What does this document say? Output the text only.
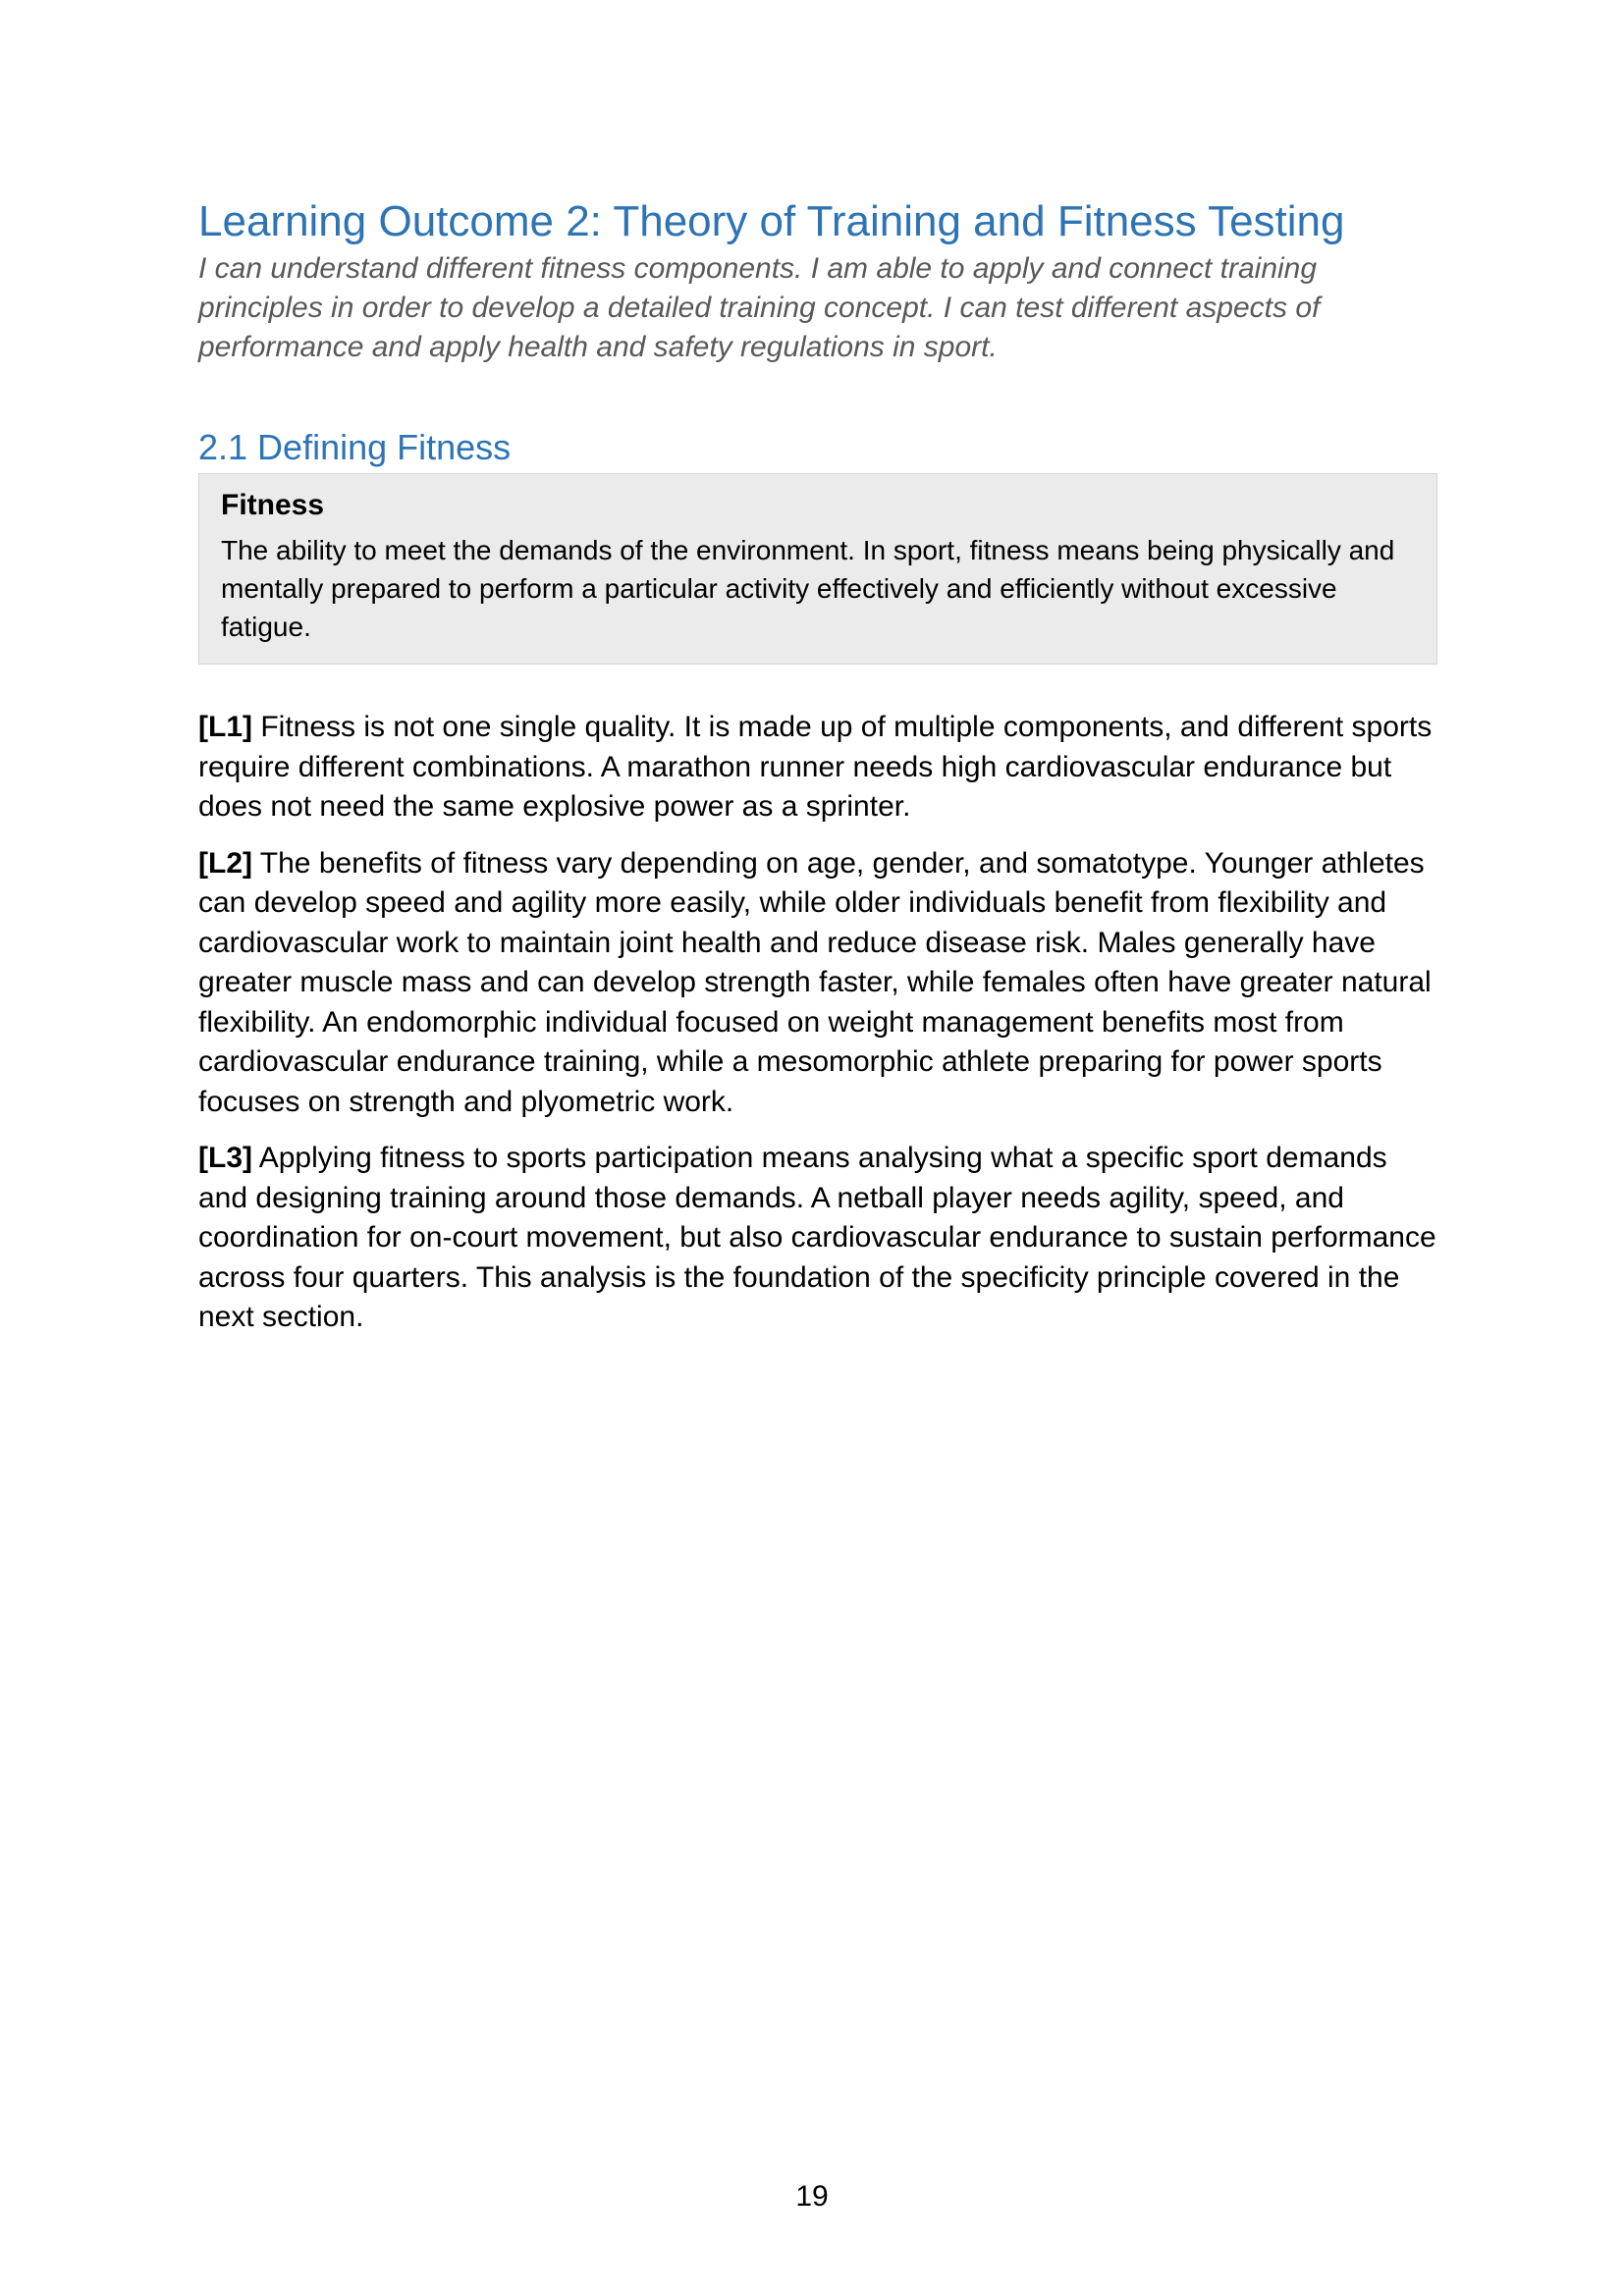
Learning Outcome 2: Theory of Training and Fitness Testing

I can understand different fitness components. I am able to apply and connect training principles in order to develop a detailed training concept. I can test different aspects of performance and apply health and safety regulations in sport.

2.1 Defining Fitness

Fitness

The ability to meet the demands of the environment. In sport, fitness means being physically and mentally prepared to perform a particular activity effectively and efficiently without excessive fatigue.

[L1] Fitness is not one single quality. It is made up of multiple components, and different sports require different combinations. A marathon runner needs high cardiovascular endurance but does not need the same explosive power as a sprinter.

[L2] The benefits of fitness vary depending on age, gender, and somatotype. Younger athletes can develop speed and agility more easily, while older individuals benefit from flexibility and cardiovascular work to maintain joint health and reduce disease risk. Males generally have greater muscle mass and can develop strength faster, while females often have greater natural flexibility. An endomorphic individual focused on weight management benefits most from cardiovascular endurance training, while a mesomorphic athlete preparing for power sports focuses on strength and plyometric work.

[L3] Applying fitness to sports participation means analysing what a specific sport demands and designing training around those demands. A netball player needs agility, speed, and coordination for on-court movement, but also cardiovascular endurance to sustain performance across four quarters. This analysis is the foundation of the specificity principle covered in the next section.

19
